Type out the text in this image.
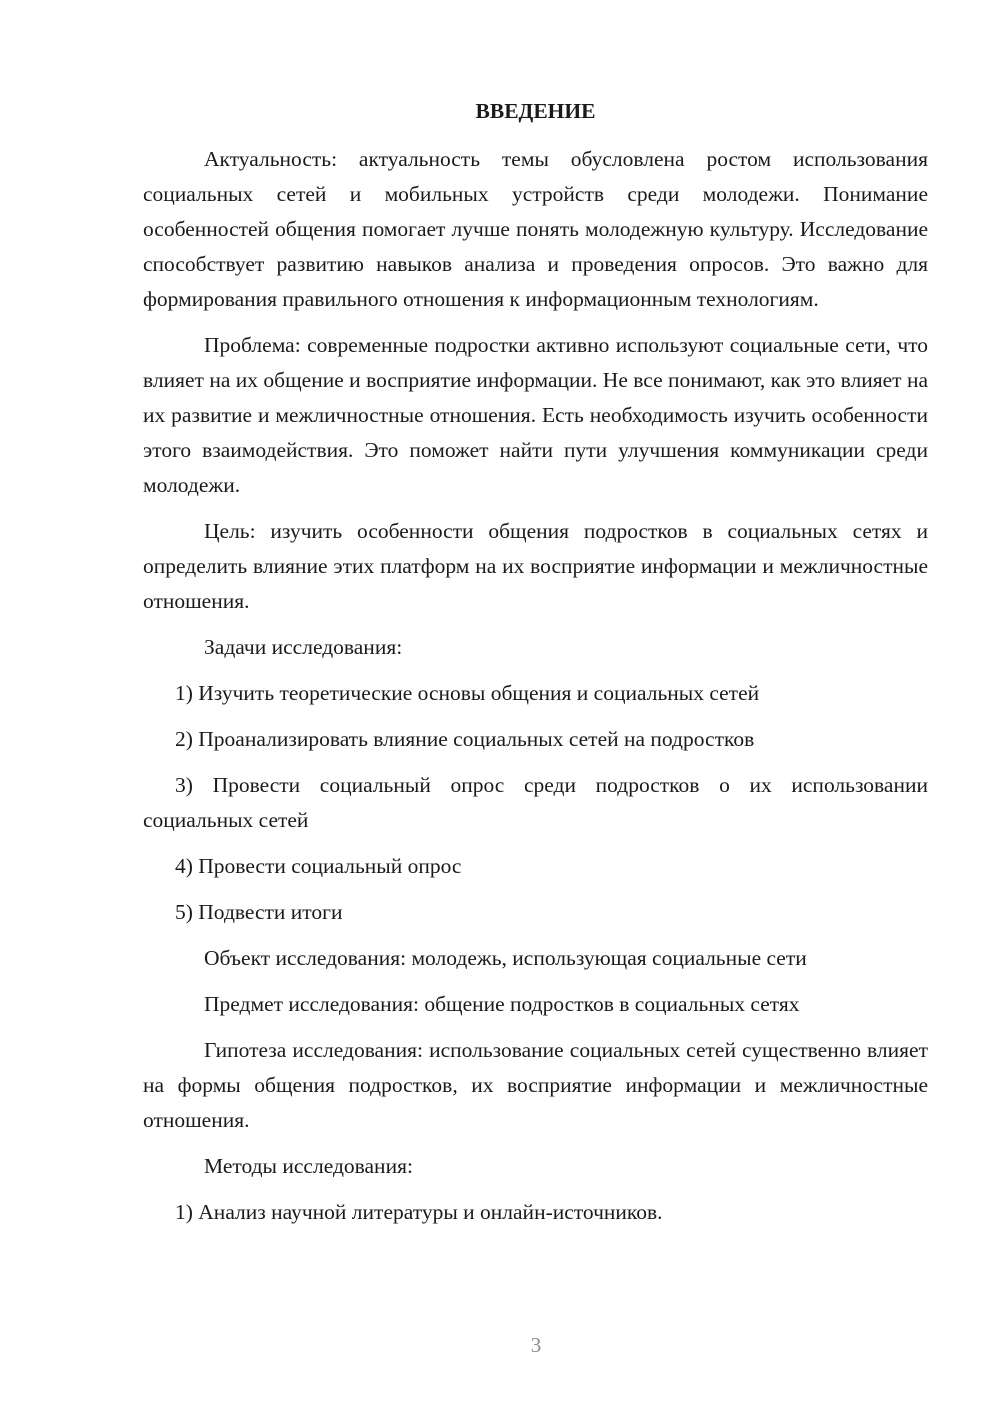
ВВЕДЕНИЕ

Актуальность: актуальность темы обусловлена ростом использования социальных сетей и мобильных устройств среди молодежи. Понимание особенностей общения помогает лучше понять молодежную культуру. Исследование способствует развитию навыков анализа и проведения опросов. Это важно для формирования правильного отношения к информационным технологиям.

Проблема: современные подростки активно используют социальные сети, что влияет на их общение и восприятие информации. Не все понимают, как это влияет на их развитие и межличностные отношения. Есть необходимость изучить особенности этого взаимодействия. Это поможет найти пути улучшения коммуникации среди молодежи.

Цель: изучить особенности общения подростков в социальных сетях и определить влияние этих платформ на их восприятие информации и межличностные отношения.

Задачи исследования:

1) Изучить теоретические основы общения и социальных сетей

2) Проанализировать влияние социальных сетей на подростков

3) Провести социальный опрос среди подростков о их использовании социальных сетей

4) Провести социальный опрос

5) Подвести итоги

Объект исследования: молодежь, использующая социальные сети

Предмет исследования: общение подростков в социальных сетях

Гипотеза исследования: использование социальных сетей существенно влияет на формы общения подростков, их восприятие информации и межличностные отношения.

Методы исследования:

1) Анализ научной литературы и онлайн-источников.

3
